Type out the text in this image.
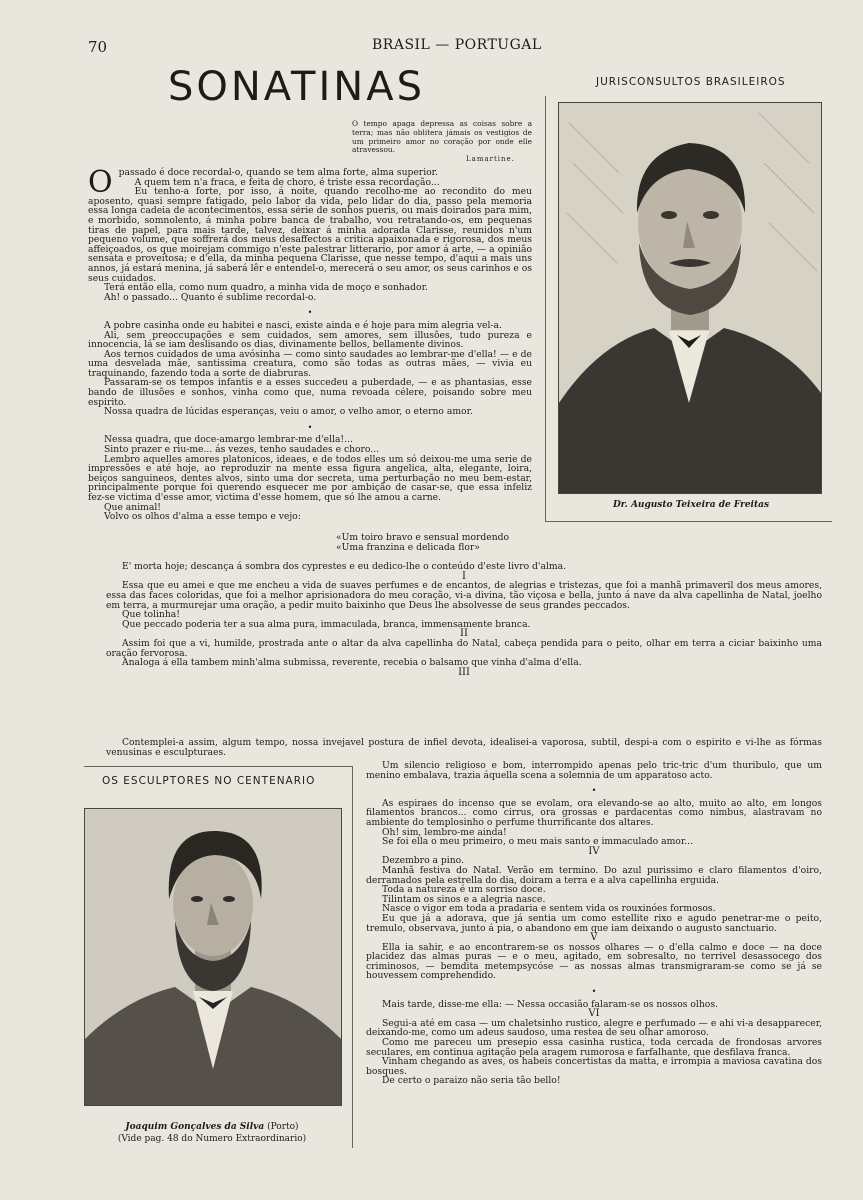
70	BRASIL — PORTUGAL
SONATINAS
O tempo apaga depressa as coisas sobre a terra; mas não oblitera jámais os vestigios de um primeiro amor no coração por onde elle atravessou.
Lamartine.
JURISCONSULTOS BRASILEIROS
Dr. Augusto Teixeira de Freitas
O passado é doce recordal-o, quando se tem alma forte, alma superior.

A quem tem n'a fraca, e feita de choro, é triste essa recordação...

Eu tenho-a forte, por isso, á noite, quando recolho-me ao recondito do meu aposento, quasi sempre fatigado, pelo labor da vida, pelo lidar do dia, passo pela memoria essa longa cadeia de acontecimentos, essa série de sonhos pueris, ou mais doirados para mim, e morbido, somnolento, á minha pobre banca de trabalho, vou retratando-os, em pequenas tiras de papel, para mais tarde, talvez, deixar á minha adorada Clarisse, reunidos n'um pequeno volume, que soffrerá dos meus desaffectos a critica apaixonada e rigorosa, dos meus affeiçoados, os que moirejam commigo n'este palestrar litterario, por amor á arte, — a opinião sensata e proveitosa; e d'ella, da minha pequena Clarisse, que nesse tempo, d'aqui a mais uns annos, já estará menina, já saberá lêr e entendel-o, merecerá o seu amor, os seus carinhos e os seus cuidados.

Terá então ella, como num quadro, a minha vida de moço e sonhador.

Ah! o passado... Quanto é sublime recordal-o.

•

A pobre casinha onde eu habitei e nasci, existe ainda e é hoje para mim alegria vel-a.

Ali, sem preoccupações e sem cuidados, sem amores, sem illusões, tudo pureza e innocencia, lá se iam deslisando os dias, divinamente bellos, bellamente divinos.

Aos ternos cuidados de uma avósinha — como sinto saudades ao lembrar-me d'ella! — e de uma desvelada mãe, santissima creatura, como são todas as outras mães, — vivia eu traquinando, fazendo toda a sorte de diabruras.

Passaram-se os tempos infantis e a esses succedeu a puberdade, — e as phantasias, esse bando de illusões e sonhos, vinha como que, numa revoada célere, poisando sobre meu espirito.

Nossa quadra de lúcidas esperanças, veiu o amor, o velho amor, o eterno amor.

•

Nessa quadra, que doce-amargo lembrar-me d'ella!...

Sinto prazer e riu-me... ás vezes, tenho saudades e choro...

Lembro aquelles amores platonicos, ideaes, e de todos elles um só deixou-me uma serie de impressões e até hoje, ao reproduzir na mente essa figura angelica, alta, elegante, loira, beiços sanguineos, dentes alvos, sinto uma dor secreta, uma perturbação no meu bem-estar, principalmente porque foi querendo esquecer me por ambição de casar-se, que essa infeliz fez-se victima d'esse amor, victima d'esse homem, que só lhe amou a carne.

Que animal!

Volvo os olhos d'alma a esse tempo e vejo:

«Um toiro bravo e sensual mordendo
«Uma franzina e delicada flor»

E' morta hoje; descança á sombra dos cyprestes e eu dedico-lhe o conteúdo d'este livro d'alma.

I

Essa que eu amei e que me encheu a vida de suaves perfumes e de encantos, de alegrias e tristezas, que foi a manhã primaveril dos meus amores, essa das faces coloridas, que foi a melhor aprisionadora do meu coração, vi-a divina, tão viçosa e bella, junto á nave da alva capellinha de Natal, joelho em terra, a murmurejar uma oração, a pedir muito baixinho que Deus lhe absolvesse de seus grandes peccados.

Que tolinha!

Que peccado poderia ter a sua alma pura, immaculada, branca, immensamente branca.

II

Assim foi que a vi, humilde, prostrada ante o altar da alva capellinha do Natal, cabeça pendida para o peito, olhar em terra a ciciar baixinho uma oração fervorosa.

Analoga á ella tambem minh'alma submissa, reverente, recebia o balsamo que vinha d'alma d'ella.

III

OS ESCULPTORES NO CENTENARIO
Joaquim Gonçalves da Silva (Porto)
(Vide pag. 48 do Numero Extraordinario)

Contemplei-a assim, algum tempo, nossa invejavel postura de infiel devota, idealisei-a vaporosa, subtil, despi-a com o espirito e vi-lhe as fórmas venusinas e esculpturaes.

Um silencio religioso e bom, interrompido apenas pelo tric-tric d'um thuribulo, que um menino embalava, trazia áquella scena a solemnia de um apparatoso acto.

•

As espiraes do incenso que se evolam, ora elevando-se ao alto, muito ao alto, em longos filamentos brancos... como cirrus, ora grossas e pardacentas como nimbus, alastravam no ambiente do templosinho o perfume thurrificante dos altares.

Oh! sim, lembro-me ainda!

Se foi ella o meu primeiro, o meu mais santo e immaculado amor...

IV

Dezembro a pino.

Manhã festiva do Natal. Verão em termino. Do azul purissimo e claro filamentos d'oiro, derramados pela estrella do dia, doiram a terra e a alva capellinha erguida.

Toda a natureza é um sorriso doce.

Tilintam os sinos e a alegria nasce.

Nasce o vigor em toda a pradaria e sentem vida os rouxinóes formosos.

Eu que já a adorava, que já sentia um como estellite rixo e agudo penetrar-me o peito, tremulo, observava, junto á pia, o abandono em que iam deixando o augusto sanctuario.

V

Ella ia sahir, e ao encontrarem-se os nossos olhares — o d'ella calmo e doce — na doce placidez das almas puras — e o meu, agitado, em sobresalto, no terrivel desassocego dos criminosos, — bemdita metempsycóse — as nossas almas transmigraram-se como se já se houvessem comprehendido.

•

Mais tarde, disse-me ella: — Nessa occasião falaram-se os nossos olhos.

VI

Segui-a até em casa — um chaletsinho rustico, alegre e perfumado — e ahi vi-a desapparecer, deixando-me, como um adeus saudoso, uma restea de seu olhar amoroso.

Como me pareceu um presepio essa casinha rustica, toda cercada de frondosas arvores seculares, em continua agitação pela aragem rumorosa e farfalhante, que desfilava franca.

Vinham chegando as aves, os habeis concertistas da matta, e irrompia a maviosa cavatina dos bosques.

De certo o paraizo não seria tão bello!
